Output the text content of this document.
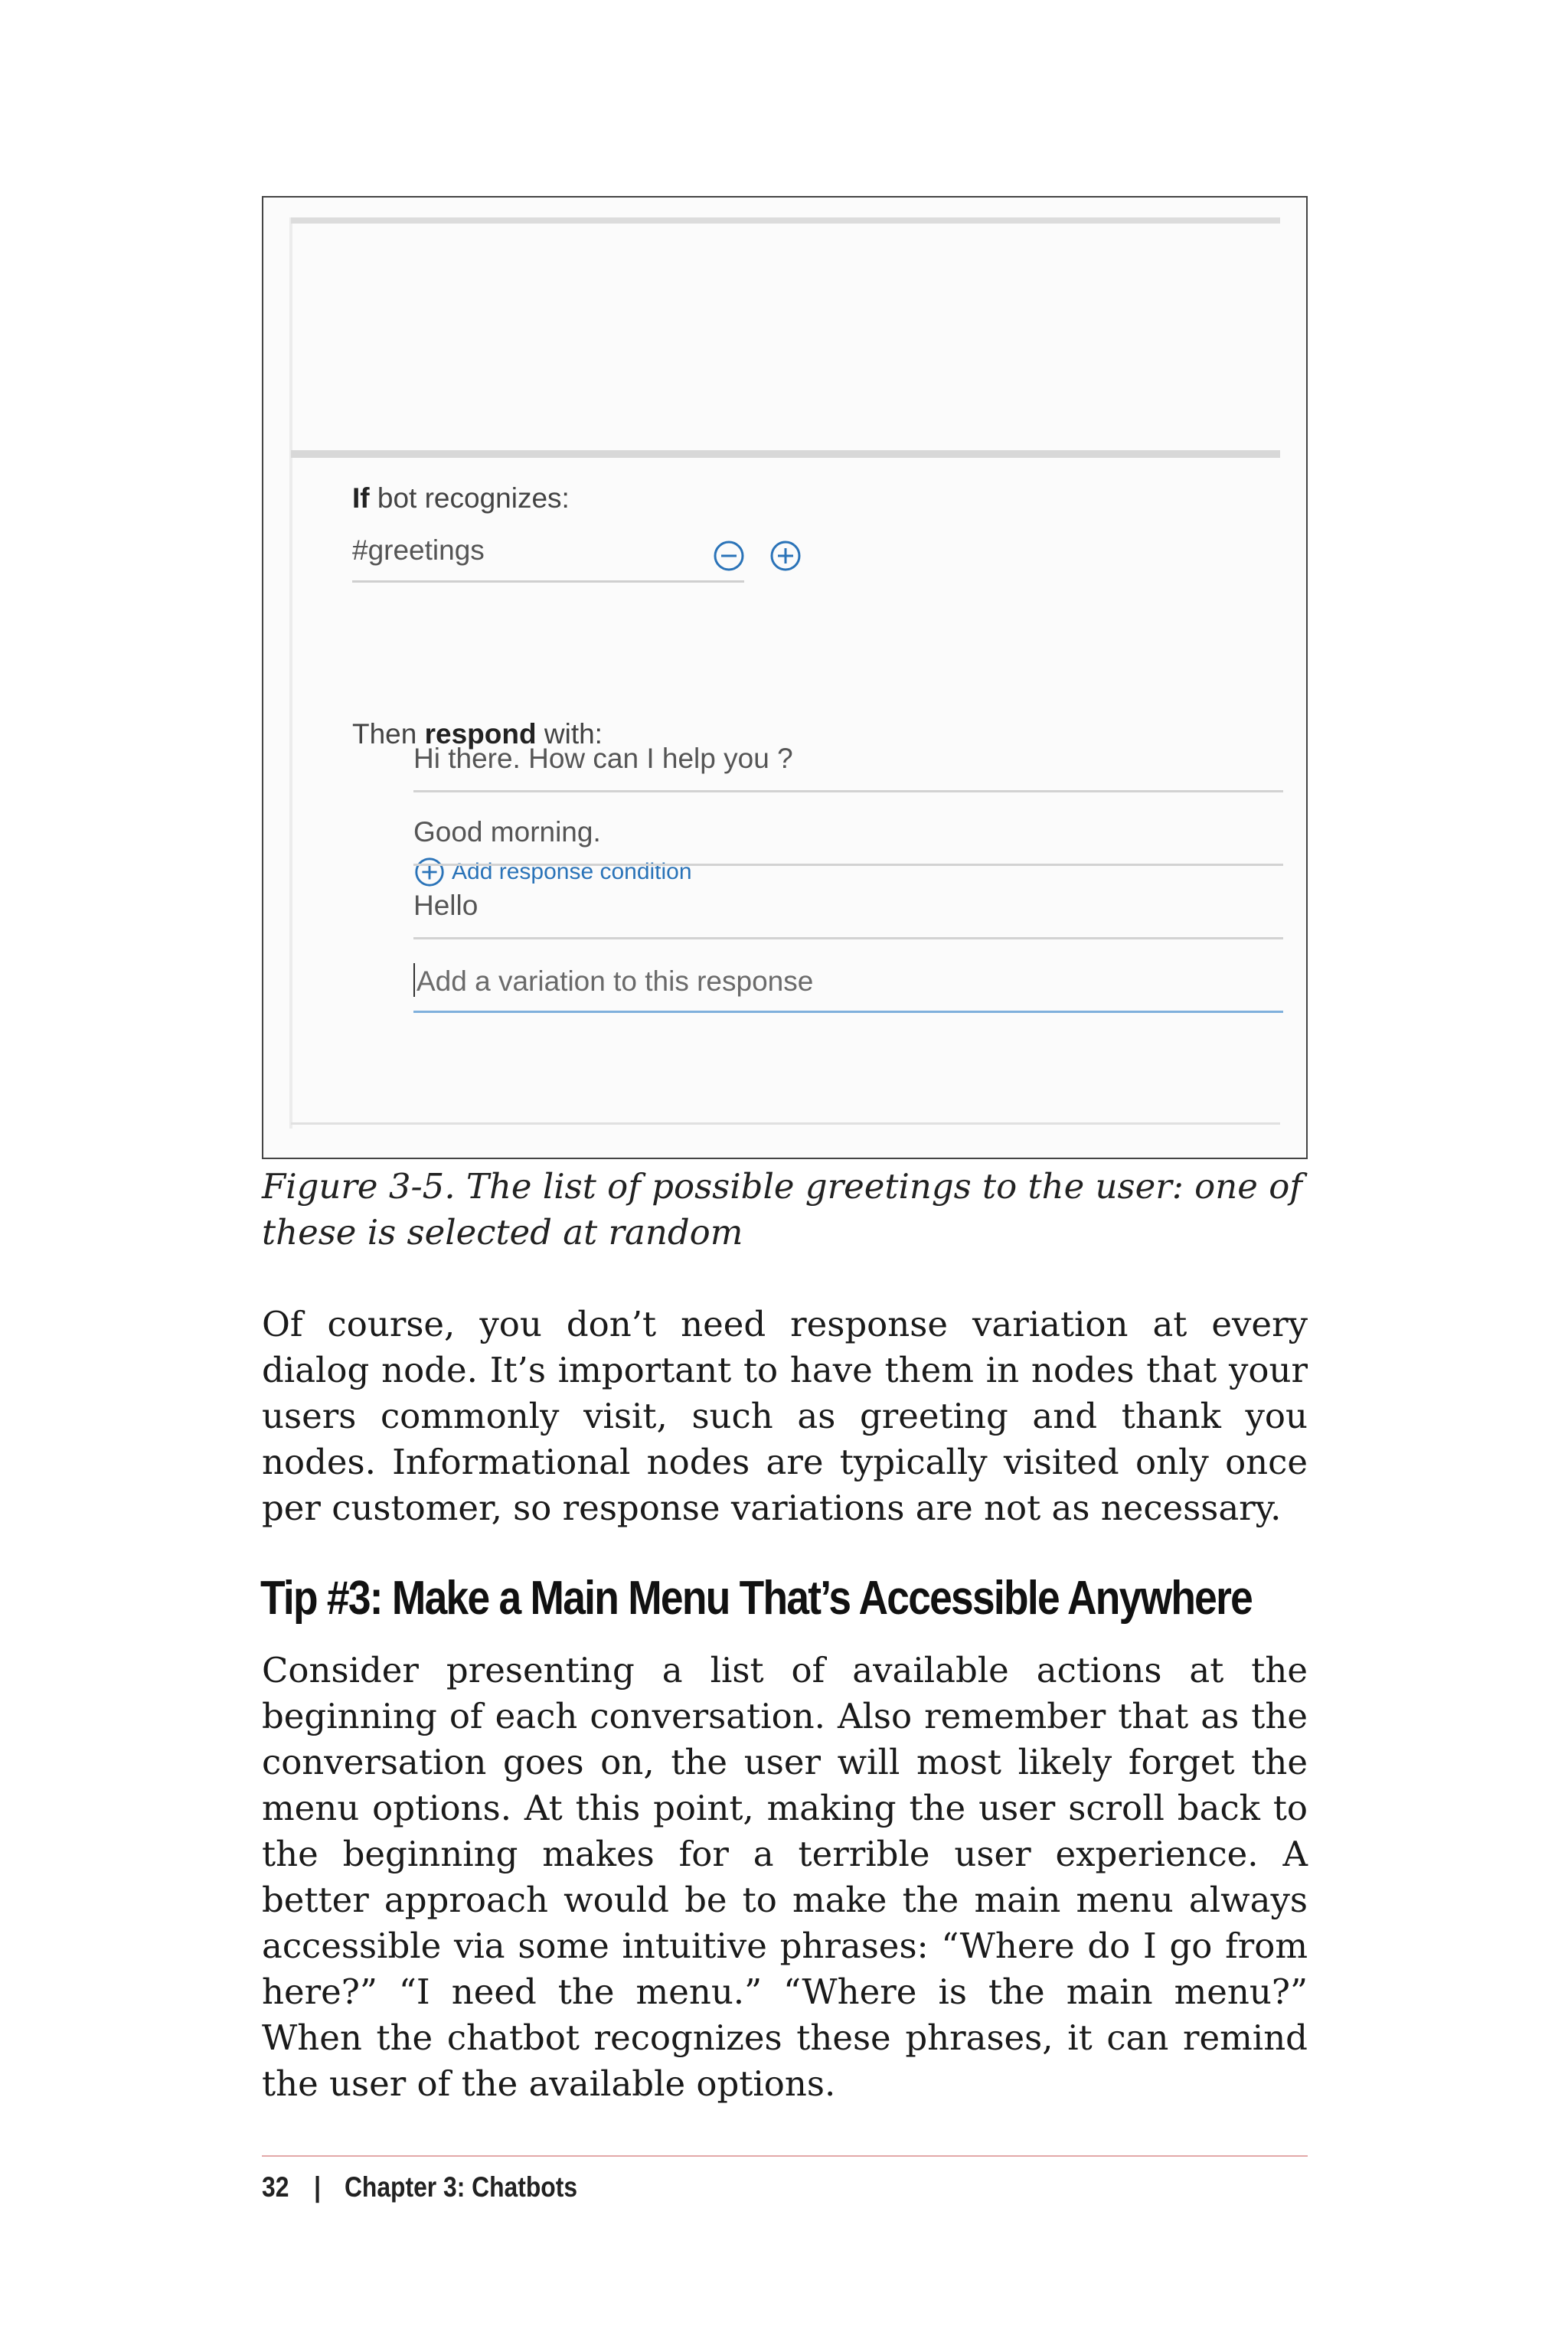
If bot recognizes:
#greetings
Then respond with:
Add response condition
Hi there. How can I help you ?
Good morning.
Hello
Add a variation to this response
Figure 3-5. The list of possible greetings to the user: one of these is selected at random

Of course, you don’t need response variation at every dialog node. It’s important to have them in nodes that your users commonly visit, such as greeting and thank you nodes. Informational nodes are typically visited only once per customer, so response variations are not as necessary.

Tip #3: Make a Main Menu That’s Accessible Anywhere

Consider presenting a list of available actions at the beginning of each conversation. Also remember that as the conversation goes on, the user will most likely forget the menu options. At this point, making the user scroll back to the beginning makes for a terrible user experience. A better approach would be to make the main menu always accessible via some intuitive phrases: “Where do I go from here?” “I need the menu.” “Where is the main menu?” When the chatbot recognizes these phrases, it can remind the user of the available options.

32 | Chapter 3: Chatbots
